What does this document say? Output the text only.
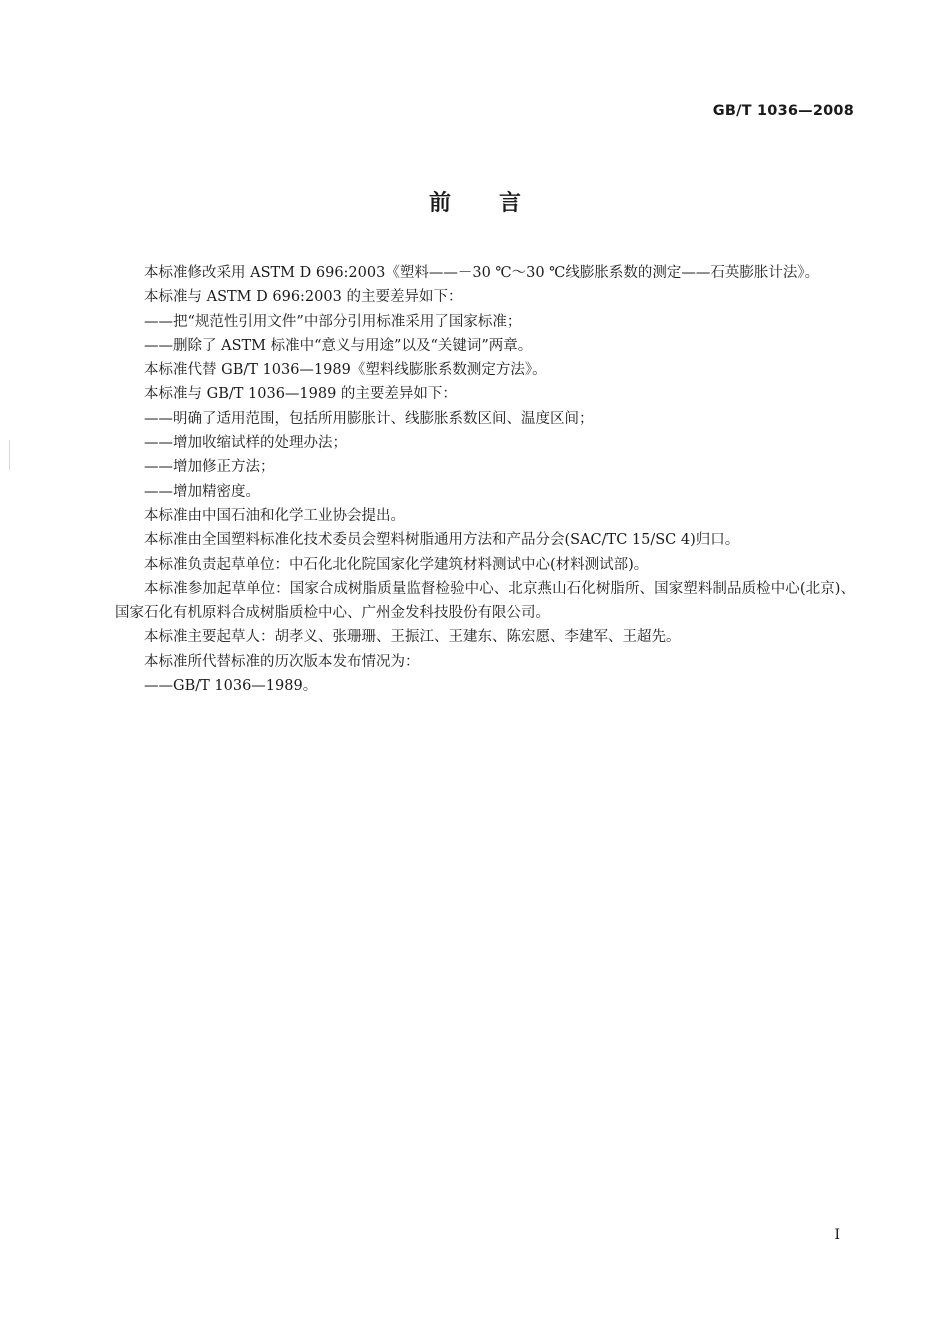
GB/T 1036—2008
前言

本标准修改采用 ASTM D 696:2003《塑料——－30 ℃～30 ℃线膨胀系数的测定——石英膨胀计法》。

本标准与 ASTM D 696:2003 的主要差异如下：

——把“规范性引用文件”中部分引用标准采用了国家标准；

——删除了 ASTM 标准中“意义与用途”以及“关键词”两章。

本标准代替 GB/T 1036—1989《塑料线膨胀系数测定方法》。

本标准与 GB/T 1036—1989 的主要差异如下：

——明确了适用范围，包括所用膨胀计、线膨胀系数区间、温度区间；

——增加收缩试样的处理办法；

——增加修正方法；

——增加精密度。

本标准由中国石油和化学工业协会提出。

本标准由全国塑料标准化技术委员会塑料树脂通用方法和产品分会(SAC/TC 15/SC 4)归口。

本标准负责起草单位：中石化北化院国家化学建筑材料测试中心(材料测试部)。

本标准参加起草单位：国家合成树脂质量监督检验中心、北京燕山石化树脂所、国家塑料制品质检中心(北京)、国家石化有机原料合成树脂质检中心、广州金发科技股份有限公司。

本标准主要起草人：胡孝义、张珊珊、王振江、王建东、陈宏愿、李建军、王超先。

本标准所代替标准的历次版本发布情况为：

——GB/T 1036—1989。

I
